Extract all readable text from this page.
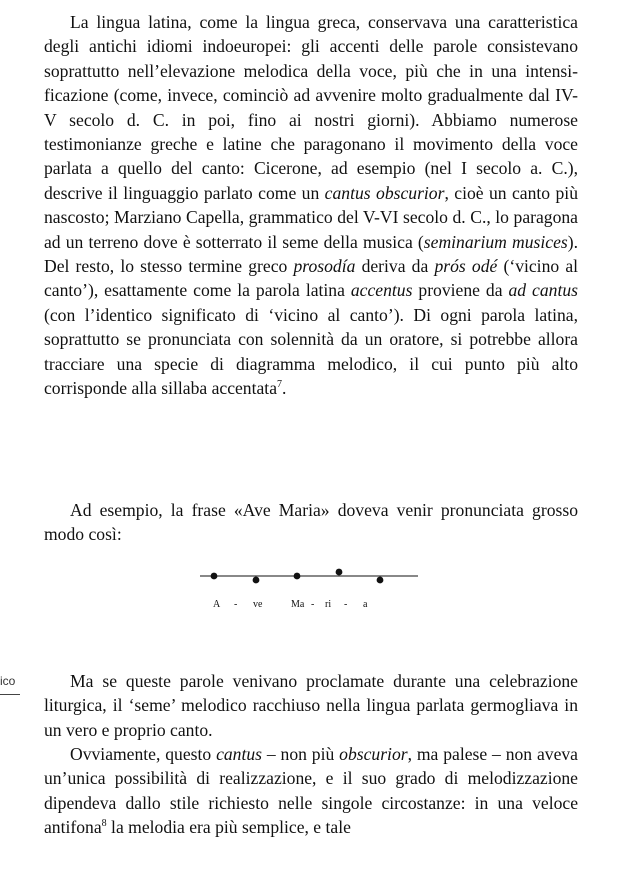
La lingua latina, come la lingua greca, conservava una caratteristica degli antichi idiomi indoeuropei: gli accenti delle parole consistevano soprattutto nell’elevazione melodica della voce, più che in una intensificazione (come, invece, cominciò ad avvenire molto gradualmente dal IV-V secolo d. C. in poi, fino ai nostri giorni). Abbiamo numerose testimonianze greche e latine che paragonano il movimento della voce parlata a quello del canto: Cicerone, ad esempio (nel I secolo a. C.), descrive il linguaggio parlato come un cantus obscurior, cioè un canto più nascosto; Marziano Capella, grammatico del V-VI secolo d. C., lo paragona ad un terreno dove è sotterrato il seme della musica (seminarium musices). Del resto, lo stesso termine greco prosodía deriva da prós odé (‘vicino al canto’), esattamente come la parola latina accentus proviene da ad cantus (con l’identico significato di ‘vicino al canto’). Di ogni parola latina, soprattutto se pronunciata con solennità da un oratore, si potrebbe allora tracciare una specie di diagramma melodico, il cui punto più alto corrisponde alla sillaba accentata$^7$.

Ad esempio, la frase «Ave Maria» doveva venir pronunciata grosso modo così:

A - ve	Ma - ri - a
ico	Ma se queste parole venivano proclamate durante una celebrazione liturgica, il ‘seme’ melodico racchiuso nella lingua parlata germogliava in un vero e proprio canto.

Ovviamente, questo cantus – non più obscurior, ma palese – non aveva un’unica possibilità di realizzazione, e il suo grado di melodizzazione dipendeva dallo stile richiesto nelle singole circostanze: in una veloce antifona$^8$ la melodia era più semplice, e tale
